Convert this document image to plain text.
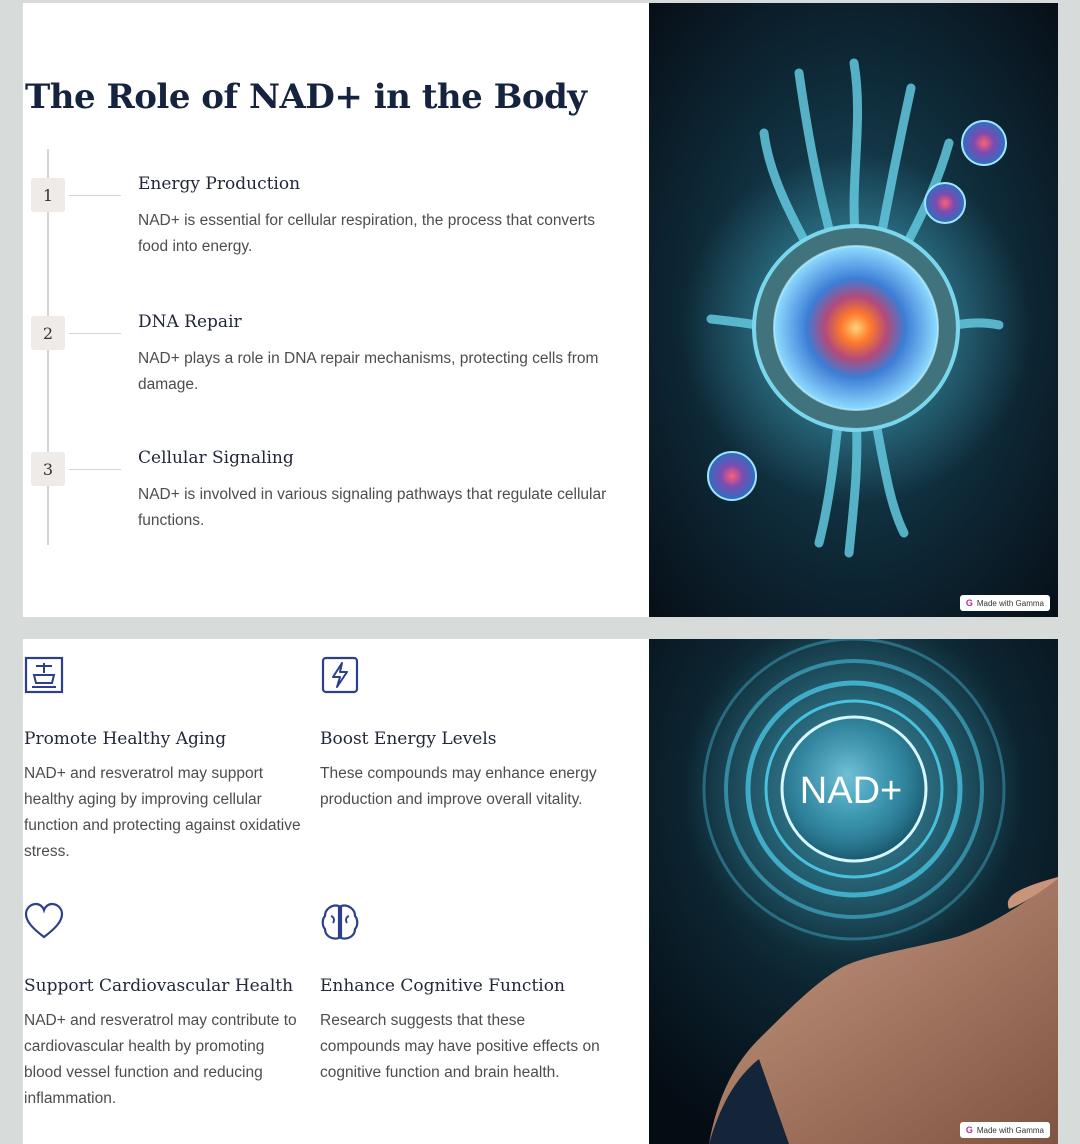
The Role of NAD+ in the Body
1
Energy Production

NAD+ is essential for cellular respiration, the process that converts food into energy.

2
DNA Repair

NAD+ plays a role in DNA repair mechanisms, protecting cells from damage.

3
Cellular Signaling

NAD+ is involved in various signaling pathways that regulate cellular functions.

G Made with Gamma
Promote Healthy Aging

NAD+ and resveratrol may support healthy aging by improving cellular function and protecting against oxidative stress.

Boost Energy Levels

These compounds may enhance energy production and improve overall vitality.

Support Cardiovascular Health

NAD+ and resveratrol may contribute to cardiovascular health by promoting blood vessel function and reducing inflammation.

Enhance Cognitive Function

Research suggests that these compounds may have positive effects on cognitive function and brain health.

NAD+
G Made with Gamma
